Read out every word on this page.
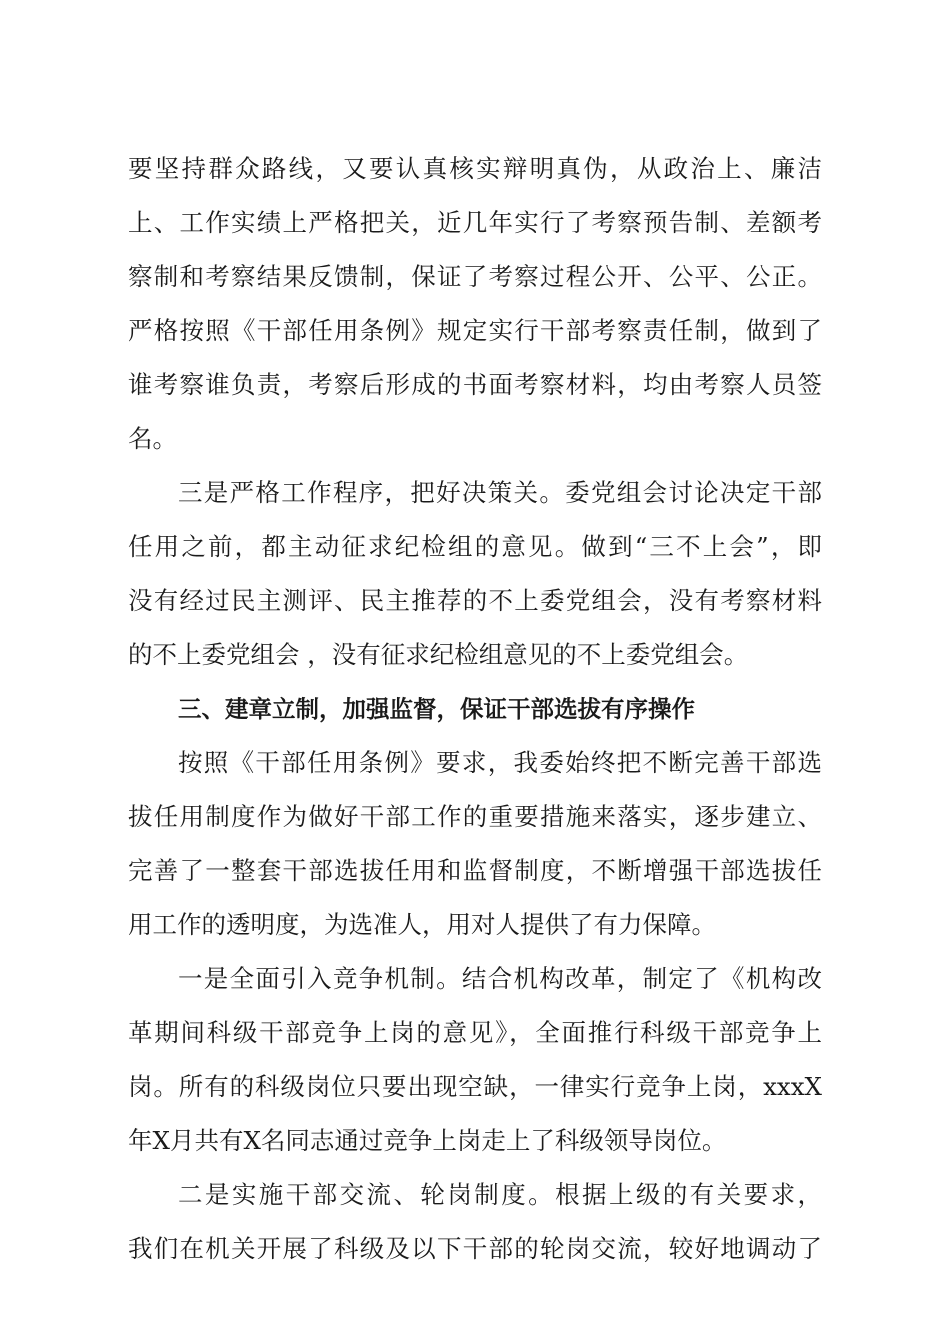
要坚持群众路线，又要认真核实辩明真伪，从政治上、廉洁
上、工作实绩上严格把关，近几年实行了考察预告制、差额考
察制和考察结果反馈制，保证了考察过程公开、公平、公正。
严格按照《干部任用条例》规定实行干部考察责任制，做到了
谁考察谁负责，考察后形成的书面考察材料，均由考察人员签
名。
三是严格工作程序，把好决策关。委党组会讨论决定干部
任用之前，都主动征求纪检组的意见。做到“三不上会”，即
没有经过民主测评、民主推荐的不上委党组会，没有考察材料
的不上委党组会 ，没有征求纪检组意见的不上委党组会。
三、建章立制，加强监督，保证干部选拔有序操作
按照《干部任用条例》要求，我委始终把不断完善干部选
拔任用制度作为做好干部工作的重要措施来落实，逐步建立、
完善了一整套干部选拔任用和监督制度，不断增强干部选拔任
用工作的透明度，为选准人，用对人提供了有力保障。
一是全面引入竞争机制。结合机构改革，制定了《机构改
革期间科级干部竞争上岗的意见》，全面推行科级干部竞争上
岗。所有的科级岗位只要出现空缺，一律实行竞争上岗，xxxX
年X月共有X名同志通过竞争上岗走上了科级领导岗位。
二是实施干部交流、轮岗制度。根据上级的有关要求，
我们在机关开展了科级及以下干部的轮岗交流，较好地调动了
